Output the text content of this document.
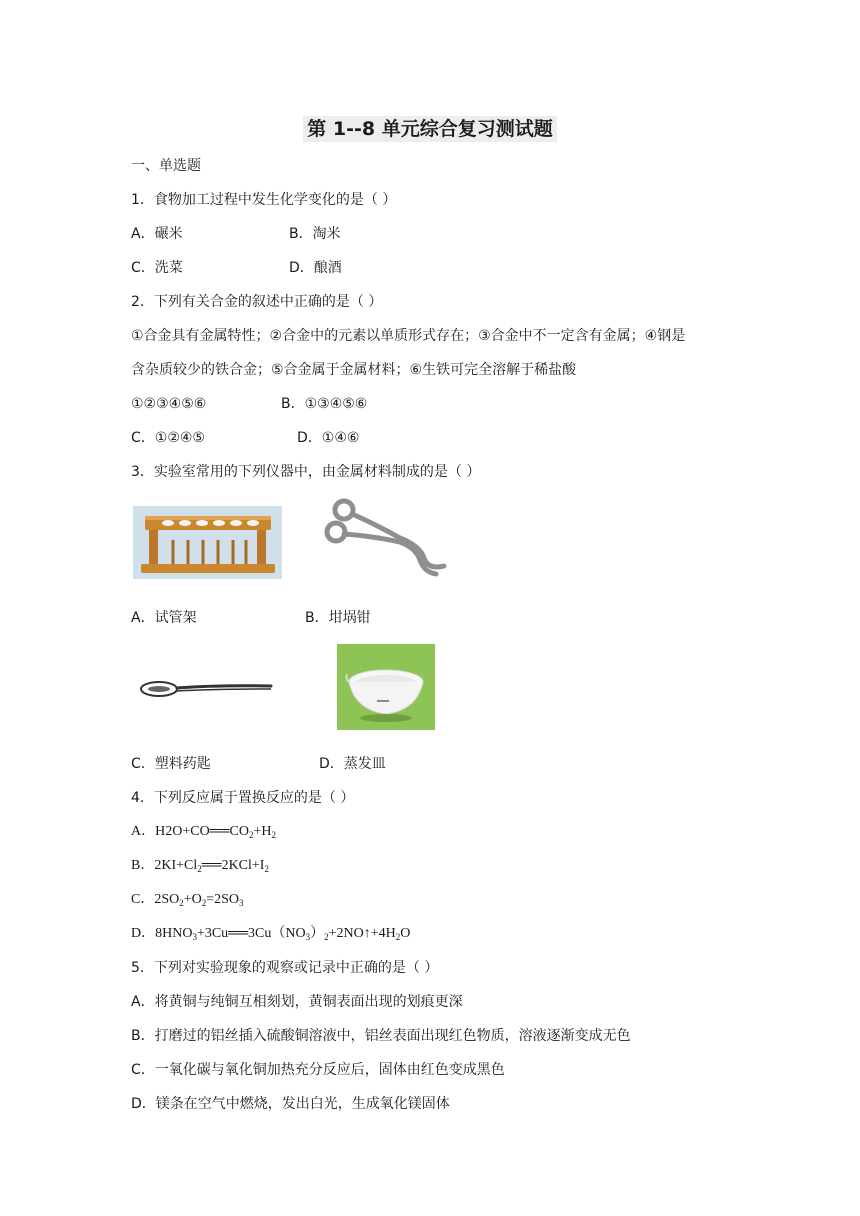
第 1--8 单元综合复习测试题
一、单选题
1．食物加工过程中发生化学变化的是（ ）
A．碾米	B．淘米
C．洗菜	D．酿酒
2．下列有关合金的叙述中正确的是（ ）
①合金具有金属特性；②合金中的元素以单质形式存在；③合金中不一定含有金属；④钢是
含杂质较少的铁合金；⑤合金属于金属材料；⑥生铁可完全溶解于稀盐酸
①②③④⑤⑥	B．①③④⑤⑥
C．①②④⑤	D．①④⑥
3．实验室常用的下列仪器中，由金属材料制成的是（ ）
A．试管架	B．坩埚钳
C．塑料药匙	D．蒸发皿
4．下列反应属于置换反应的是（ ）
A．$H2O+CO══CO_2+H_2$
B．$2KI+Cl_2══2KCl+I_2$
C．$2SO_2+O_2=2SO_3$
D．$8HNO_3+3Cu══3Cu(NO_3)_2+2NO↑+4H_2O$
5．下列对实验现象的观察或记录中正确的是（ ）
A．将黄铜与纯铜互相刻划，黄铜表面出现的划痕更深
B．打磨过的铝丝插入硫酸铜溶液中，铝丝表面出现红色物质，溶液逐渐变成无色
C．一氧化碳与氧化铜加热充分反应后，固体由红色变成黑色
D．镁条在空气中燃烧，发出白光，生成氧化镁固体
